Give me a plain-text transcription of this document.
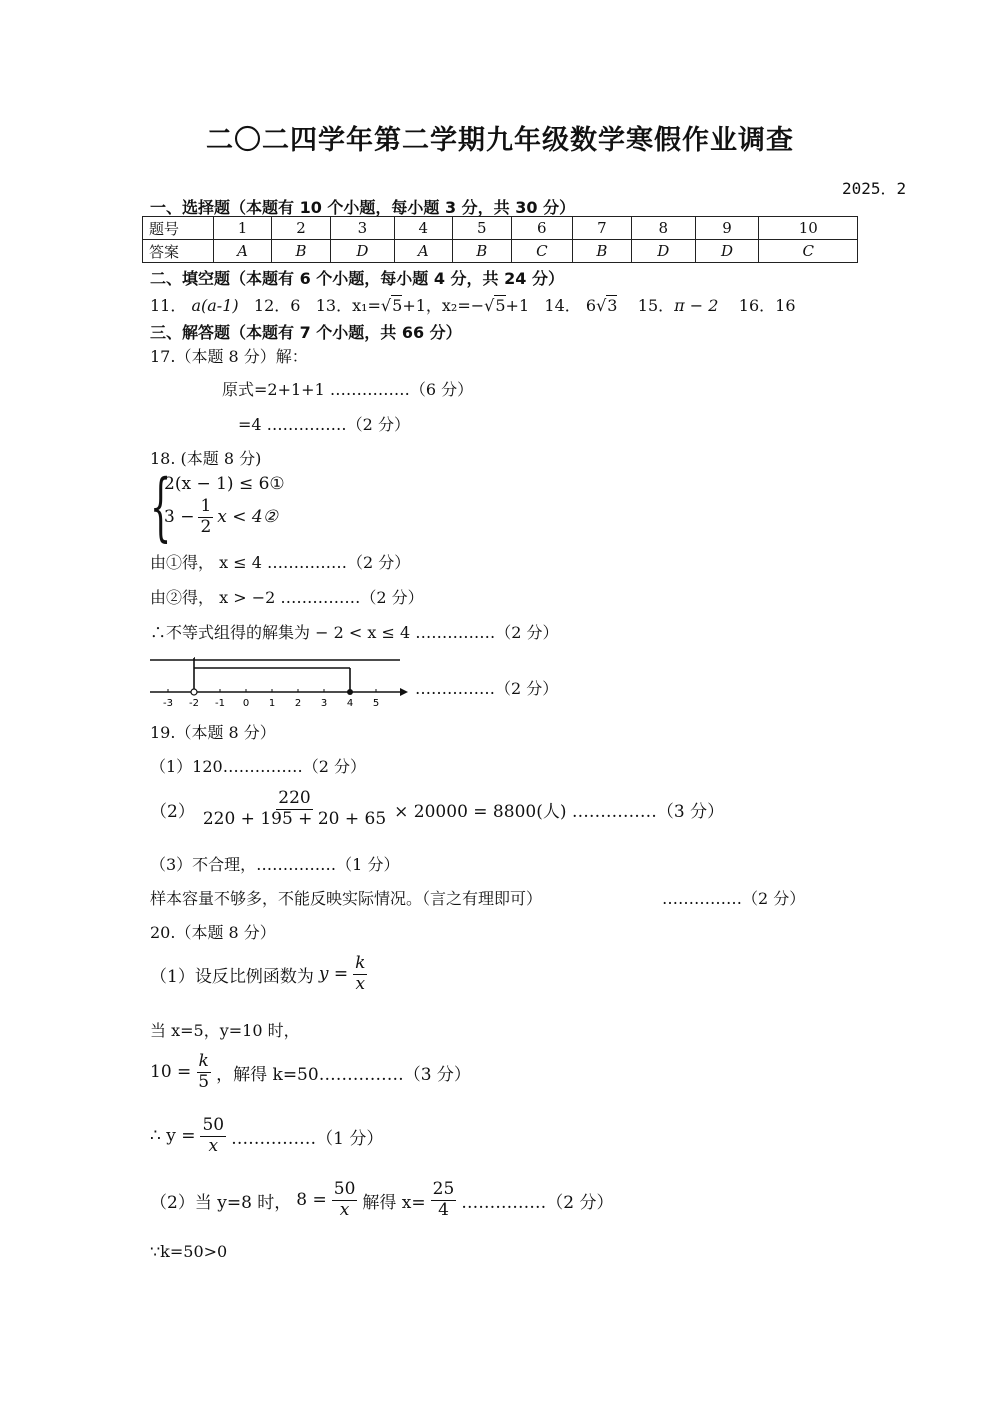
二〇二四学年第二学期九年级数学寒假作业调查
2025．2
一、选择题（本题有 10 个小题，每小题 3 分，共 30 分）
题号	1	2	3	4	5	6	7	8	9	10
答案	A	B	D	A	B	C	B	D	D	C
二、填空题（本题有 6 个小题，每小题 4 分，共 24 分）
11． a(a-1) 12．6 13．x₁=√5+1，x₂=−√5+1 14． 6√3 15．π − 2 16．16
三、解答题（本题有 7 个小题，共 66 分）
17.（本题 8 分）解：
原式=2+1+1 ……………（6 分）
=4 ……………（2 分）
18. (本题 8 分)
{
2(x − 1) ≤ 6①
$3 - \frac{1}{2}$ x < 4②
由①得， x ≤ 4 ……………（2 分）
由②得， x > −2 ……………（2 分）
∴不等式组得的解集为 − 2 < x ≤ 4 ……………（2 分）
-3 -2 -1 0 1 2 3 4 5
……………（2 分）
19.（本题 8 分）
（1）120……………（2 分）
$(2) \frac{220}{220 + 195 + 20 + 65} \times 20000 = 8800$(人) ……………（3 分）
（3）不合理，……………（1 分）
样本容量不够多，不能反映实际情况。（言之有理即可）	……………（2 分）
20.（本题 8 分）
（1）设反比例函数为 $y = \frac{k}{x}$
当 x=5，y=10 时，
$10 = \frac{k}{5}$ ，解得 k=50……………（3 分）
∴ $y = \frac{50}{x}$ ……………（1 分）
（2）当 y=8 时， $8 = \frac{50}{x}$ 解得 $x= \frac{25}{4}$ ……………（2 分）
∵k=50>0
